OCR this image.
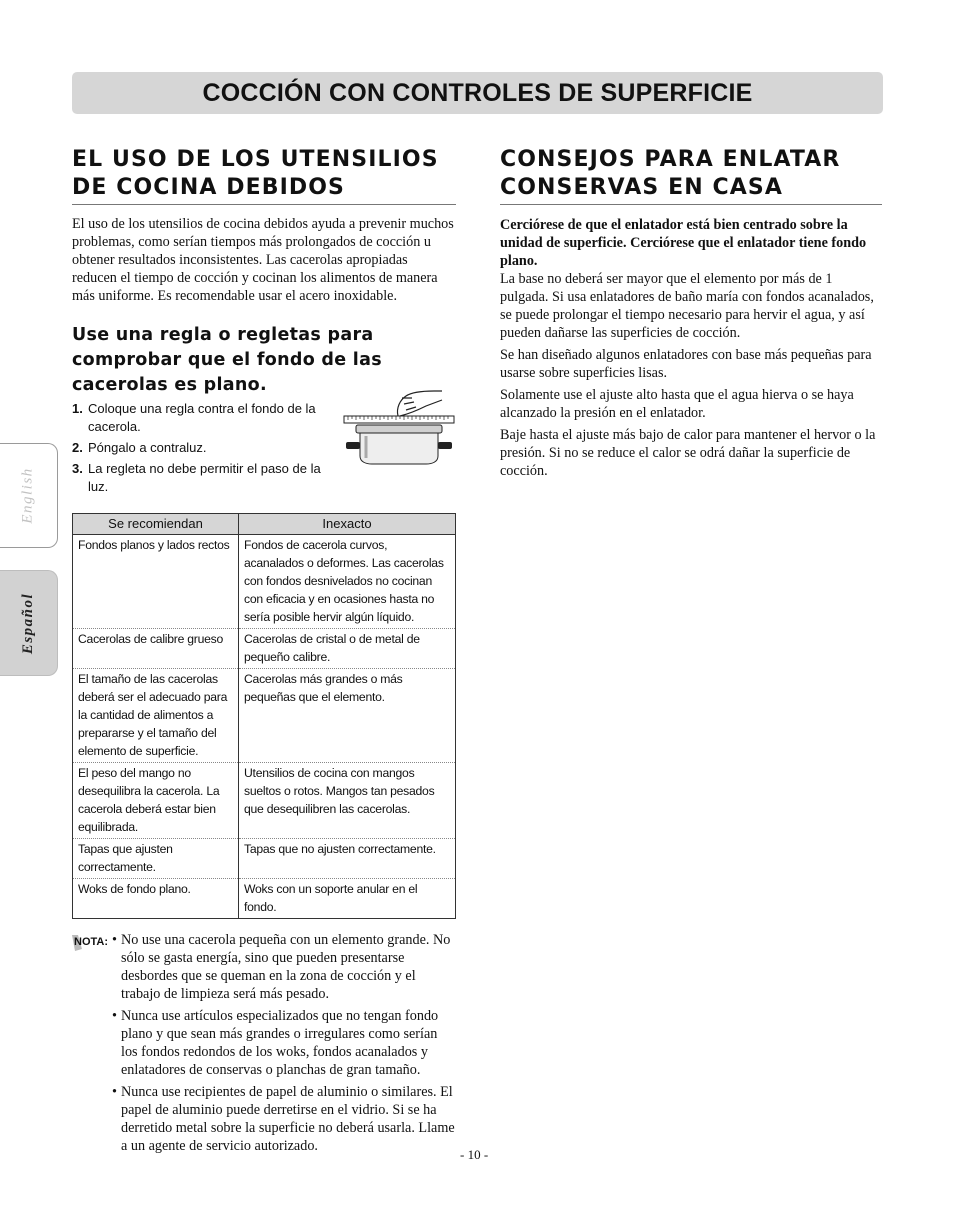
COCCIÓN CON CONTROLES DE SUPERFICIE
English
Español
EL USO DE LOS UTENSILIOS DE COCINA DEBIDOS

El uso de los utensilios de cocina debidos ayuda a prevenir muchos problemas, como serían tiempos más prolongados de cocción u obtener resultados inconsistentes. Las cacerolas apropiadas reducen el tiempo de cocción y cocinan los alimentos de manera más uniforme. Es recomendable usar el acero inoxidable.

Use una regla o regletas para comprobar que el fondo de las cacerolas es plano.
1. Coloque una regla contra el fondo de la cacerola.
2. Póngalo a contraluz.
3. La regleta no debe permitir el paso de la luz.
Se recomiendan	Inexacto
Fondos planos y lados rectos	Fondos de cacerola curvos, acanalados o deformes. Las cacerolas con fondos desnivelados no cocinan con eficacia y en ocasiones hasta no sería posible hervir algún líquido.
Cacerolas de calibre grueso	Cacerolas de cristal o de metal de pequeño calibre.
El tamaño de las cacerolas deberá ser el adecuado para la cantidad de alimentos a prepararse y el tamaño del elemento de superficie.	Cacerolas más grandes o más pequeñas que el elemento.
El peso del mango no desequilibra la cacerola. La cacerola deberá estar bien equilibrada.	Utensilios de cocina con mangos sueltos o rotos. Mangos tan pesados que desequilibren las cacerolas.
Tapas que ajusten correctamente.	Tapas que no ajusten correctamente.
Woks de fondo plano.	Woks con un soporte anular en el fondo.
NOTA: • No use una cacerola pequeña con un elemento grande. No sólo se gasta energía, sino que pueden presentarse desbordes que se queman en la zona de cocción y el trabajo de limpieza será más pesado.
• Nunca use artículos especializados que no tengan fondo plano y que sean más grandes o irregulares como serían los fondos redondos de los woks, fondos acanalados y enlatadores de conservas o planchas de gran tamaño.
• Nunca use recipientes de papel de aluminio o similares. El papel de aluminio puede derretirse en el vidrio. Si se ha derretido metal sobre la superficie no deberá usarla. Llame a un agente de servicio autorizado.
CONSEJOS PARA ENLATAR CONSERVAS EN CASA

Cerciórese de que el enlatador está bien centrado sobre la unidad de superficie. Cerciórese que el enlatador tiene fondo plano.

La base no deberá ser mayor que el elemento por más de 1 pulgada. Si usa enlatadores de baño maría con fondos acanalados, se puede prolongar el tiempo necesario para hervir el agua, y así pueden dañarse las superficies de cocción.

Se han diseñado algunos enlatadores con base más pequeñas para usarse sobre superficies lisas.

Solamente use el ajuste alto hasta que el agua hierva o se haya alcanzado la presión en el enlatador.

Baje hasta el ajuste más bajo de calor para mantener el hervor o la presión. Si no se reduce el calor se odrá dañar la superficie de cocción.

- 10 -
